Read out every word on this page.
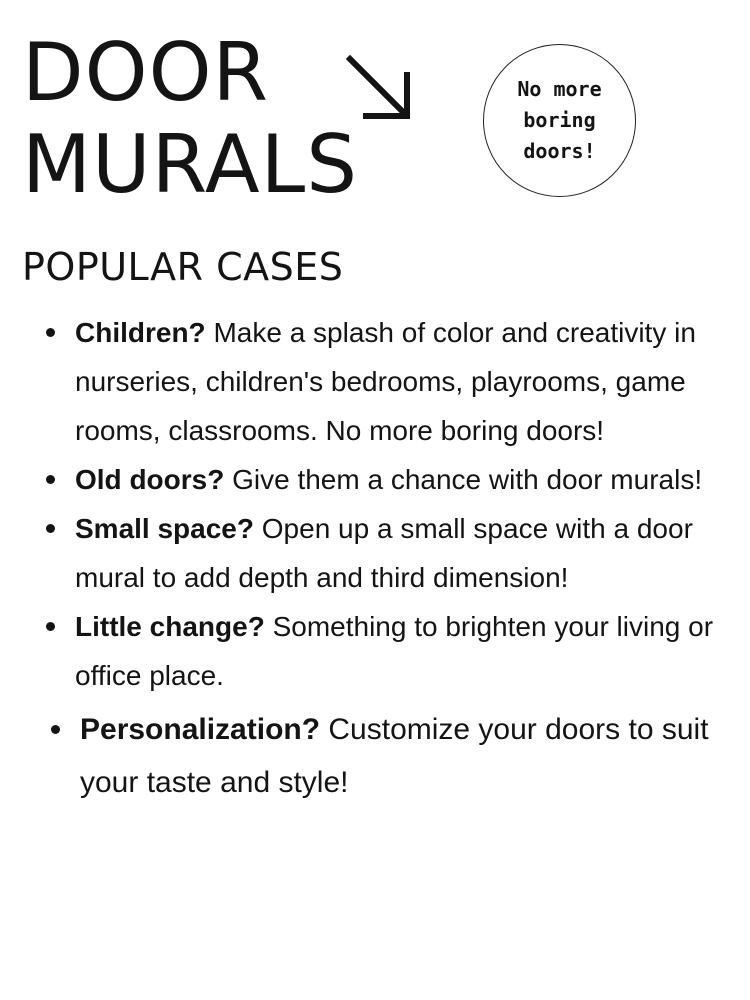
DOOR
MURALS
No more
boring
doors!
POPULAR CASES
Children? Make a splash of color and creativity in nurseries, children's bedrooms, playrooms, game rooms, classrooms. No more boring doors!
Old doors? Give them a chance with door murals!
Small space? Open up a small space with a door mural to add depth and third dimension!
Little change? Something to brighten your living or office place.
Personalization? Customize your doors to suit your taste and style!
